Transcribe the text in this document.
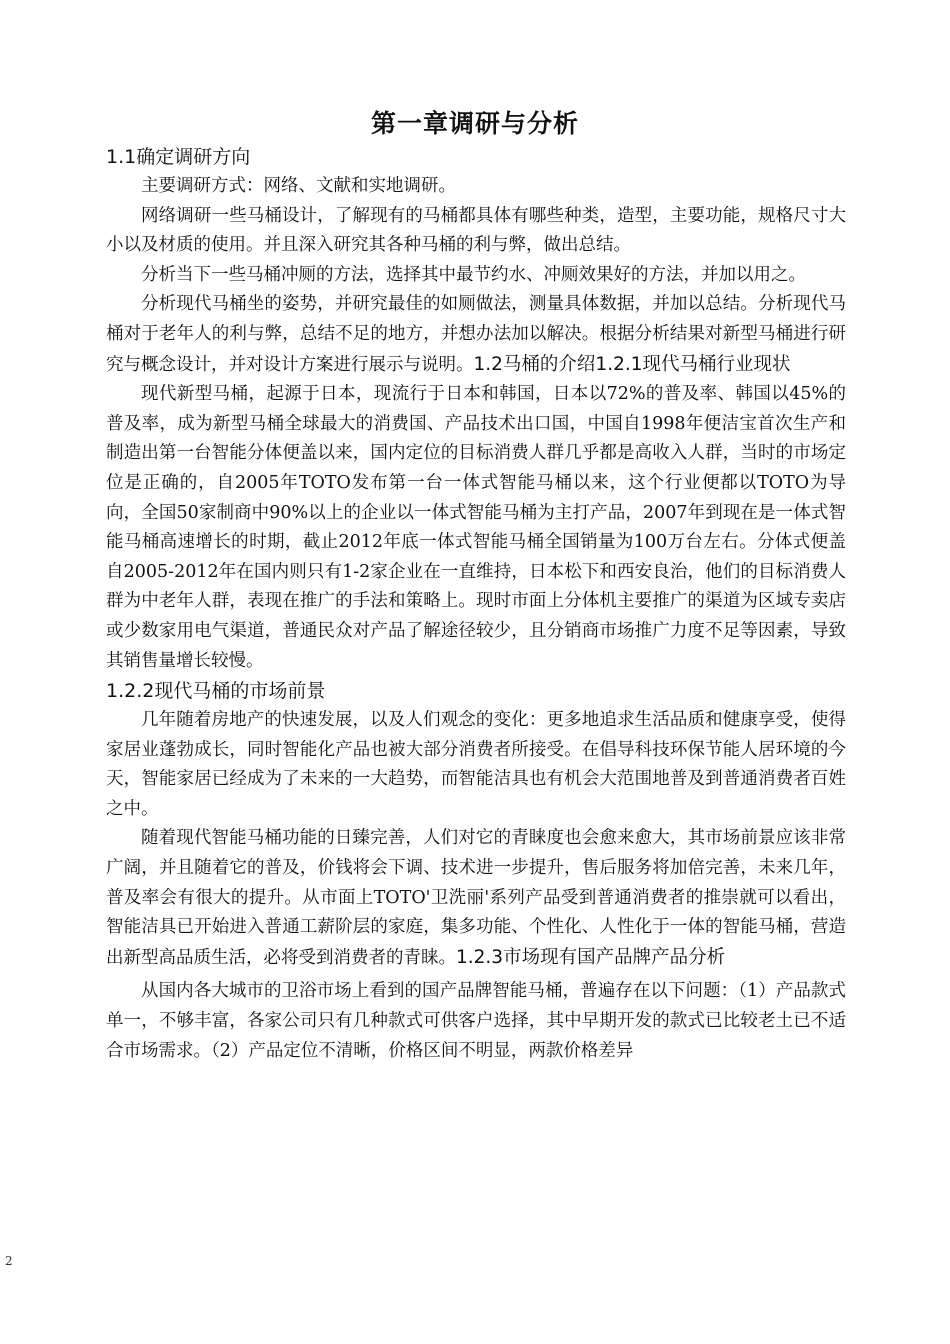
第一章调研与分析
1.1确定调研方向

主要调研方式：网络、文献和实地调研。

网络调研一些马桶设计，了解现有的马桶都具体有哪些种类，造型，主要功能，规格尺寸大小以及材质的使用。并且深入研究其各种马桶的利与弊，做出总结。

分析当下一些马桶冲厕的方法，选择其中最节约水、冲厕效果好的方法，并加以用之。

分析现代马桶坐的姿势，并研究最佳的如厕做法，测量具体数据，并加以总结。分析现代马桶对于老年人的利与弊，总结不足的地方，并想办法加以解决。根据分析结果对新型马桶进行研究与概念设计，并对设计方案进行展示与说明。1.2马桶的介绍1.2.1现代马桶行业现状

现代新型马桶，起源于日本，现流行于日本和韩国，日本以72%的普及率、韩国以45%的普及率，成为新型马桶全球最大的消费国、产品技术出口国，中国自1998年便洁宝首次生产和制造出第一台智能分体便盖以来，国内定位的目标消费人群几乎都是高收入人群，当时的市场定位是正确的，自2005年TOTO发布第一台一体式智能马桶以来，这个行业便都以TOTO为导向，全国50家制商中90%以上的企业以一体式智能马桶为主打产品，2007年到现在是一体式智能马桶高速增长的时期，截止2012年底一体式智能马桶全国销量为100万台左右。分体式便盖自2005-2012年在国内则只有1-2家企业在一直维持，日本松下和西安良治，他们的目标消费人群为中老年人群，表现在推广的手法和策略上。现时市面上分体机主要推广的渠道为区域专卖店或少数家用电气渠道，普通民众对产品了解途径较少，且分销商市场推广力度不足等因素，导致其销售量增长较慢。

1.2.2现代马桶的市场前景

几年随着房地产的快速发展，以及人们观念的变化：更多地追求生活品质和健康享受，使得家居业蓬勃成长，同时智能化产品也被大部分消费者所接受。在倡导科技环保节能人居环境的今天，智能家居已经成为了未来的一大趋势，而智能洁具也有机会大范围地普及到普通消费者百姓之中。

随着现代智能马桶功能的日臻完善，人们对它的青睐度也会愈来愈大，其市场前景应该非常广阔，并且随着它的普及，价钱将会下调、技术进一步提升，售后服务将加倍完善，未来几年，普及率会有很大的提升。从市面上TOTO'卫洗丽'系列产品受到普通消费者的推崇就可以看出，智能洁具已开始进入普通工薪阶层的家庭，集多功能、个性化、人性化于一体的智能马桶，营造出新型高品质生活，必将受到消费者的青睐。1.2.3市场现有国产品牌产品分析

从国内各大城市的卫浴市场上看到的国产品牌智能马桶，普遍存在以下问题：（1）产品款式单一，不够丰富，各家公司只有几种款式可供客户选择，其中早期开发的款式已比较老土已不适合市场需求。（2）产品定位不清晰，价格区间不明显，两款价格差异

2
